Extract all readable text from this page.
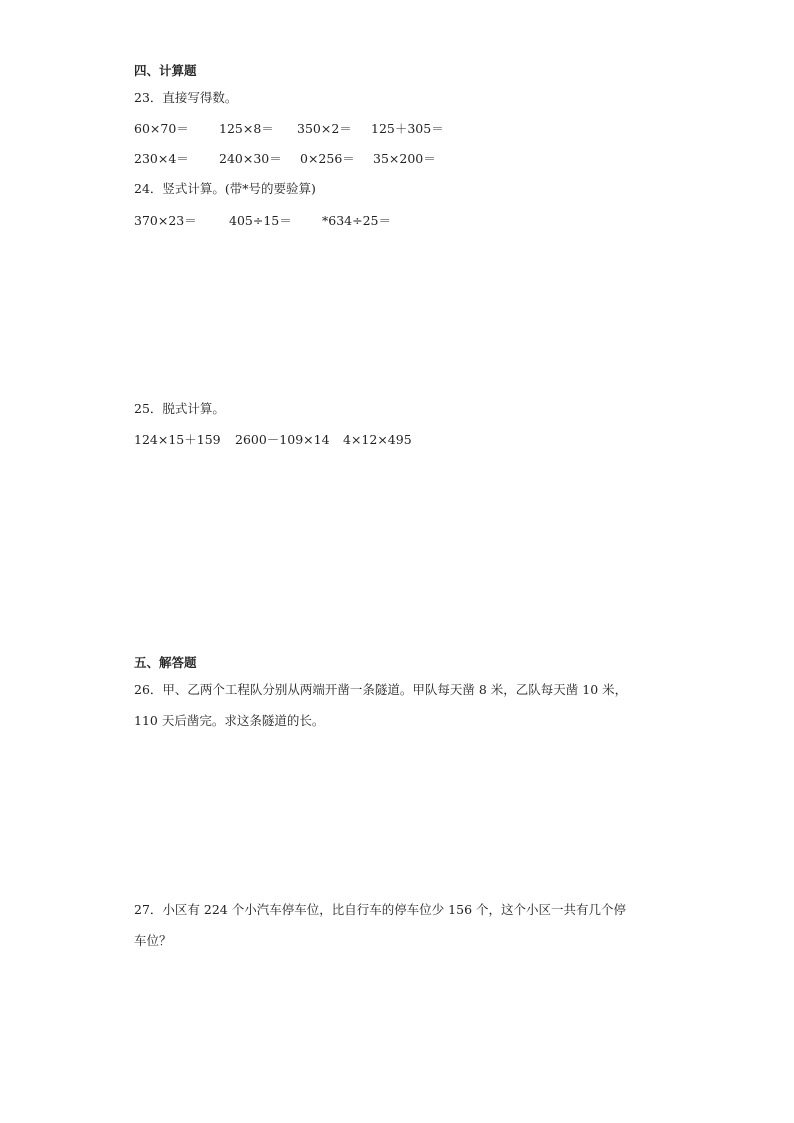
四、计算题
23．直接写得数。
60×70＝ 125×8＝ 350×2＝ 125＋305＝
230×4＝ 240×30＝ 0×256＝ 35×200＝
24．竖式计算。(带*号的要验算)
370×23＝	405÷15＝ *634÷25＝
25．脱式计算。
124×15＋159 2600－109×14 4×12×495
五、解答题
26．甲、乙两个工程队分别从两端开凿一条隧道。甲队每天凿 8 米，乙队每天凿 10 米，
110 天后凿完。求这条隧道的长。
27．小区有 224 个小汽车停车位，比自行车的停车位少 156 个，这个小区一共有几个停
车位？
